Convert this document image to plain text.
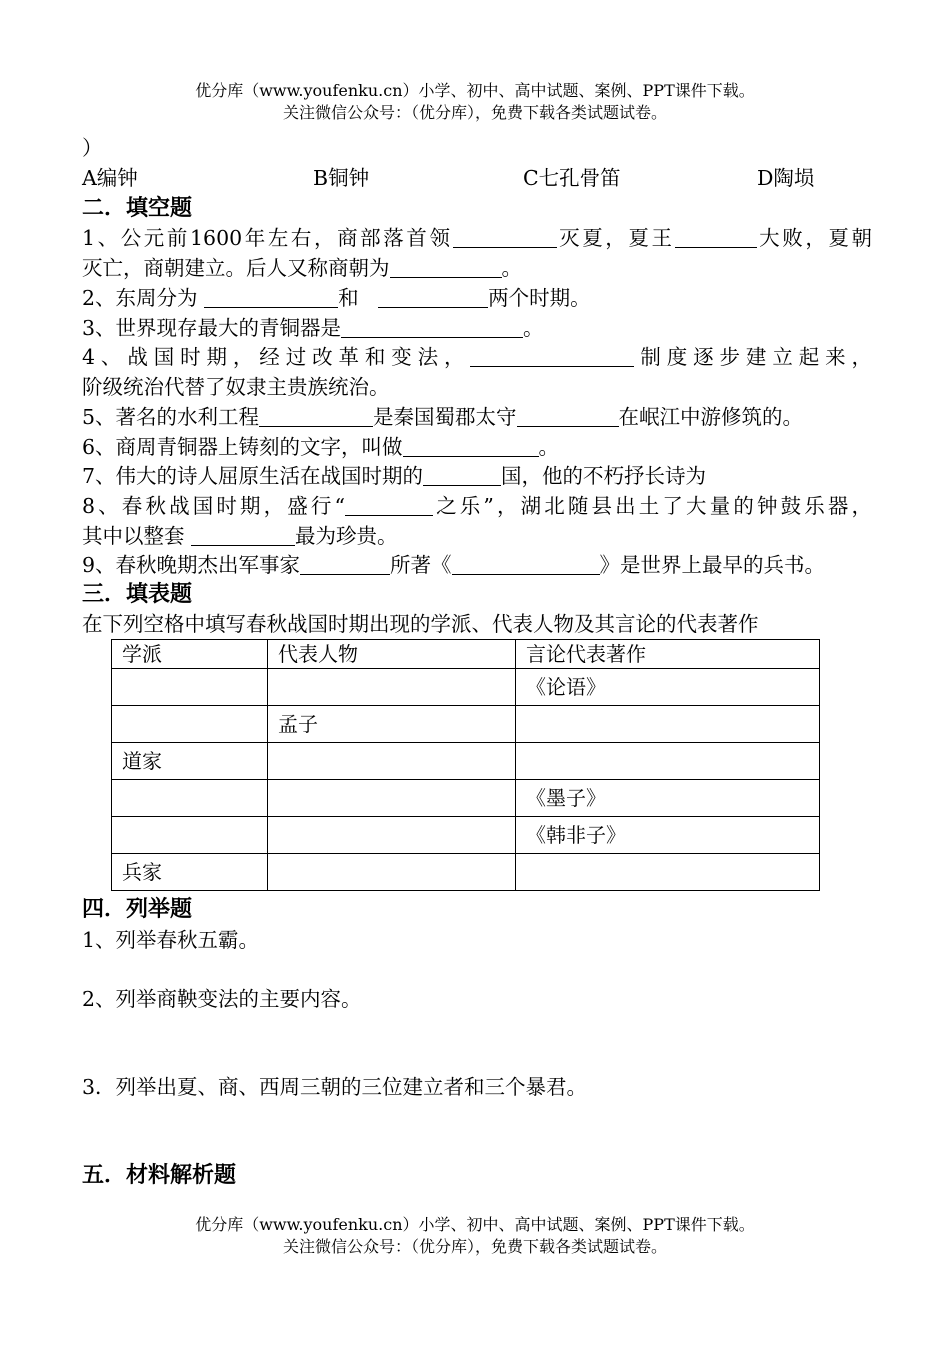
优分库（www.youfenku.cn）小学、初中、高中试题、案例、PPT课件下载。
关注微信公众号：（优分库），免费下载各类试题试卷。
）
A编钟	B铜钟	C七孔骨笛	D陶埙
二．填空题
1、公元前1600年左右，商部落首领	灭夏，夏王	大败，夏朝
灭亡，商朝建立。后人又称商朝为	。
2、东周分为	和	两个时期。
3、世界现存最大的青铜器是	。
4、战国时期，经过改革和变法，	制度逐步建立起来，
阶级统治代替了奴隶主贵族统治。
5、著名的水利工程	是秦国蜀郡太守	在岷江中游修筑的。
6、商周青铜器上铸刻的文字，叫做	。
7、伟大的诗人屈原生活在战国时期的	国，他的不朽抒长诗为
8、春秋战国时期，盛行“	之乐”，湖北随县出土了大量的钟鼓乐器，
其中以整套	最为珍贵。
9、春秋晚期杰出军事家	所著《	》是世界上最早的兵书。
三．填表题
在下列空格中填写春秋战国时期出现的学派、代表人物及其言论的代表著作
学派	代表人物	言论代表著作
		《论语》
	孟子	
道家		
		《墨子》
		《韩非子》
兵家		
四．列举题
1、列举春秋五霸。
2、列举商鞅变法的主要内容。
3．列举出夏、商、西周三朝的三位建立者和三个暴君。
五．材料解析题
优分库（www.youfenku.cn）小学、初中、高中试题、案例、PPT课件下载。
关注微信公众号：（优分库），免费下载各类试题试卷。
